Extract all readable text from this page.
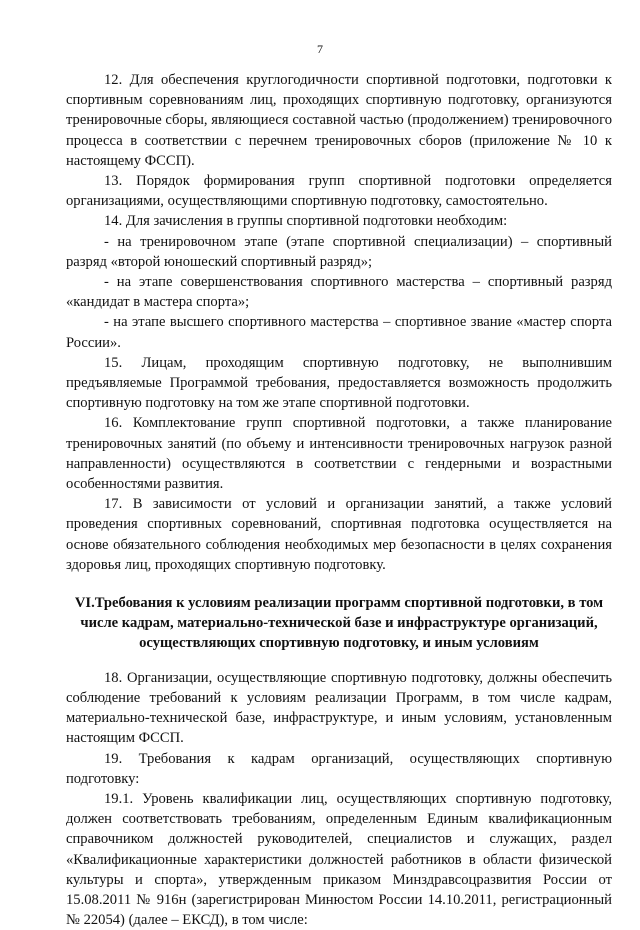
7

12. Для обеспечения круглогодичности спортивной подготовки, подготовки к спортивным соревнованиям лиц, проходящих спортивную подготовку, организуются тренировочные сборы, являющиеся составной частью (продолжением) тренировочного процесса в соответствии с перечнем тренировочных сборов (приложение № 10 к настоящему ФССП).

13. Порядок формирования групп спортивной подготовки определяется организациями, осуществляющими спортивную подготовку, самостоятельно.

14. Для зачисления в группы спортивной подготовки необходим:

- на тренировочном этапе (этапе спортивной специализации) – спортивный разряд «второй юношеский спортивный разряд»;

- на этапе совершенствования спортивного мастерства – спортивный разряд «кандидат в мастера спорта»;

- на этапе высшего спортивного мастерства – спортивное звание «мастер спорта России».

15. Лицам, проходящим спортивную подготовку, не выполнившим предъявляемые Программой требования, предоставляется возможность продолжить спортивную подготовку на том же этапе спортивной подготовки.

16. Комплектование групп спортивной подготовки, а также планирование тренировочных занятий (по объему и интенсивности тренировочных нагрузок разной направленности) осуществляются в соответствии с гендерными и возрастными особенностями развития.

17. В зависимости от условий и организации занятий, а также условий проведения спортивных соревнований, спортивная подготовка осуществляется на основе обязательного соблюдения необходимых мер безопасности в целях сохранения здоровья лиц, проходящих спортивную подготовку.

VI.Требования к условиям реализации программ спортивной подготовки, в том числе кадрам, материально-технической базе и инфраструктуре организаций, осуществляющих спортивную подготовку, и иным условиям

18. Организации, осуществляющие спортивную подготовку, должны обеспечить соблюдение требований к условиям реализации Программ, в том числе кадрам, материально-технической базе, инфраструктуре, и иным условиям, установленным настоящим ФССП.

19. Требования к кадрам организаций, осуществляющих спортивную подготовку:

19.1. Уровень квалификации лиц, осуществляющих спортивную подготовку, должен соответствовать требованиям, определенным Единым квалификационным справочником должностей руководителей, специалистов и служащих, раздел «Квалификационные характеристики должностей работников в области физической культуры и спорта», утвержденным приказом Минздравсоцразвития России от 15.08.2011 № 916н (зарегистрирован Минюстом России 14.10.2011, регистрационный № 22054) (далее – ЕКСД), в том числе:
